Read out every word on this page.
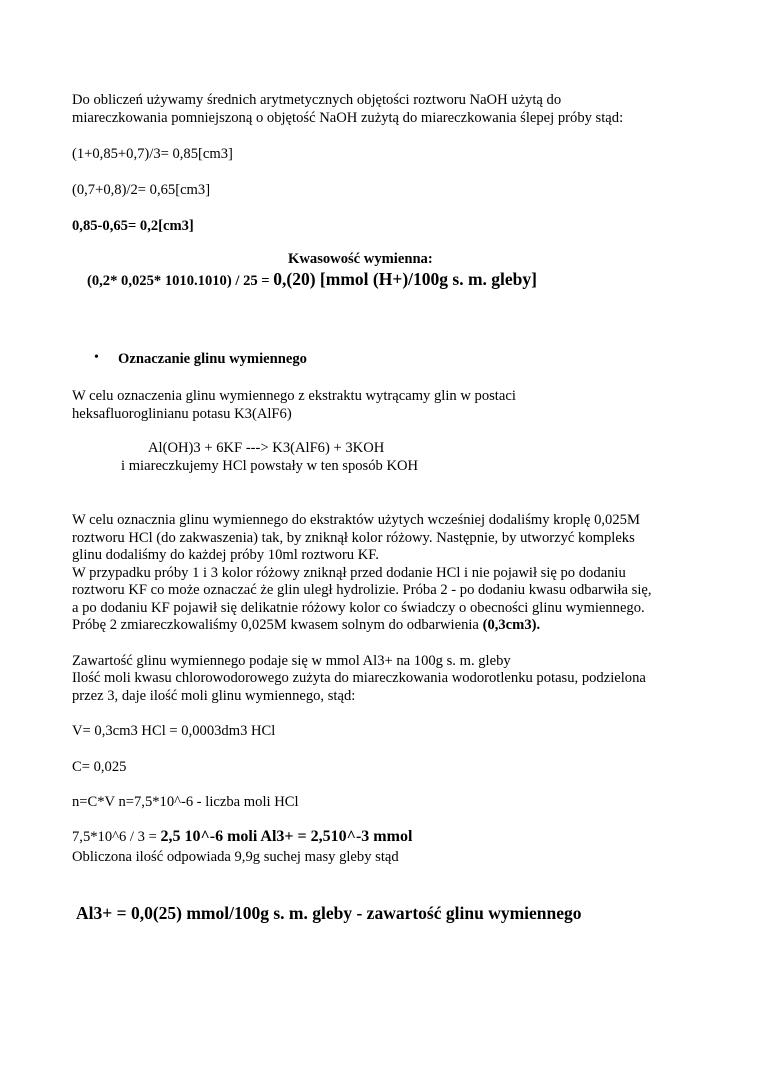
Do obliczeń używamy średnich arytmetycznych objętości roztworu NaOH użytą do
miareczkowania pomniejszoną o objętość NaOH zużytą do miareczkowania ślepej próby stąd:
(1+0,85+0,7)/3= 0,85[cm3]
(0,7+0,8)/2= 0,65[cm3]
0,85-0,65= 0,2[cm3]
Kwasowość wymienna:
(0,2* 0,025* 1010.1010) / 25 = 0,(20) [mmol (H+)/100g s. m. gleby]
• Oznaczanie glinu wymiennego
W celu oznaczenia glinu wymiennego z ekstraktu wytrącamy glin w postaci
heksafluoroglinianu potasu K3(AlF6)
Al(OH)3 + 6KF ---> K3(AlF6) + 3KOH
i miareczkujemy HCl powstały w ten sposób KOH
W celu oznacznia glinu wymiennego do ekstraktów użytych wcześniej dodaliśmy kroplę 0,025M
roztworu HCl (do zakwaszenia) tak, by zniknął kolor różowy. Następnie, by utworzyć kompleks
glinu dodaliśmy do każdej próby 10ml roztworu KF.
W przypadku próby 1 i 3 kolor różowy zniknął przed dodanie HCl i nie pojawił się po dodaniu
roztworu KF co może oznaczać że glin uległ hydrolizie. Próba 2 - po dodaniu kwasu odbarwiła się,
a po dodaniu KF pojawił się delikatnie różowy kolor co świadczy o obecności glinu wymiennego.
Próbę 2 zmiareczkowaliśmy 0,025M kwasem solnym do odbarwienia (0,3cm3).
Zawartość glinu wymiennego podaje się w mmol Al3+ na 100g s. m. gleby
Ilość moli kwasu chlorowodorowego zużyta do miareczkowania wodorotlenku potasu, podzielona
przez 3, daje ilość moli glinu wymiennego, stąd:
V= 0,3cm3 HCl = 0,0003dm3 HCl
C= 0,025
n=C*V n=7,5*10^-6 - liczba moli HCl
7,5*10^6 / 3 = 2,5 10^-6 moli Al3+ = 2,510^-3 mmol
Obliczona ilość odpowiada 9,9g suchej masy gleby stąd
Al3+ = 0,0(25) mmol/100g s. m. gleby - zawartość glinu wymiennego
